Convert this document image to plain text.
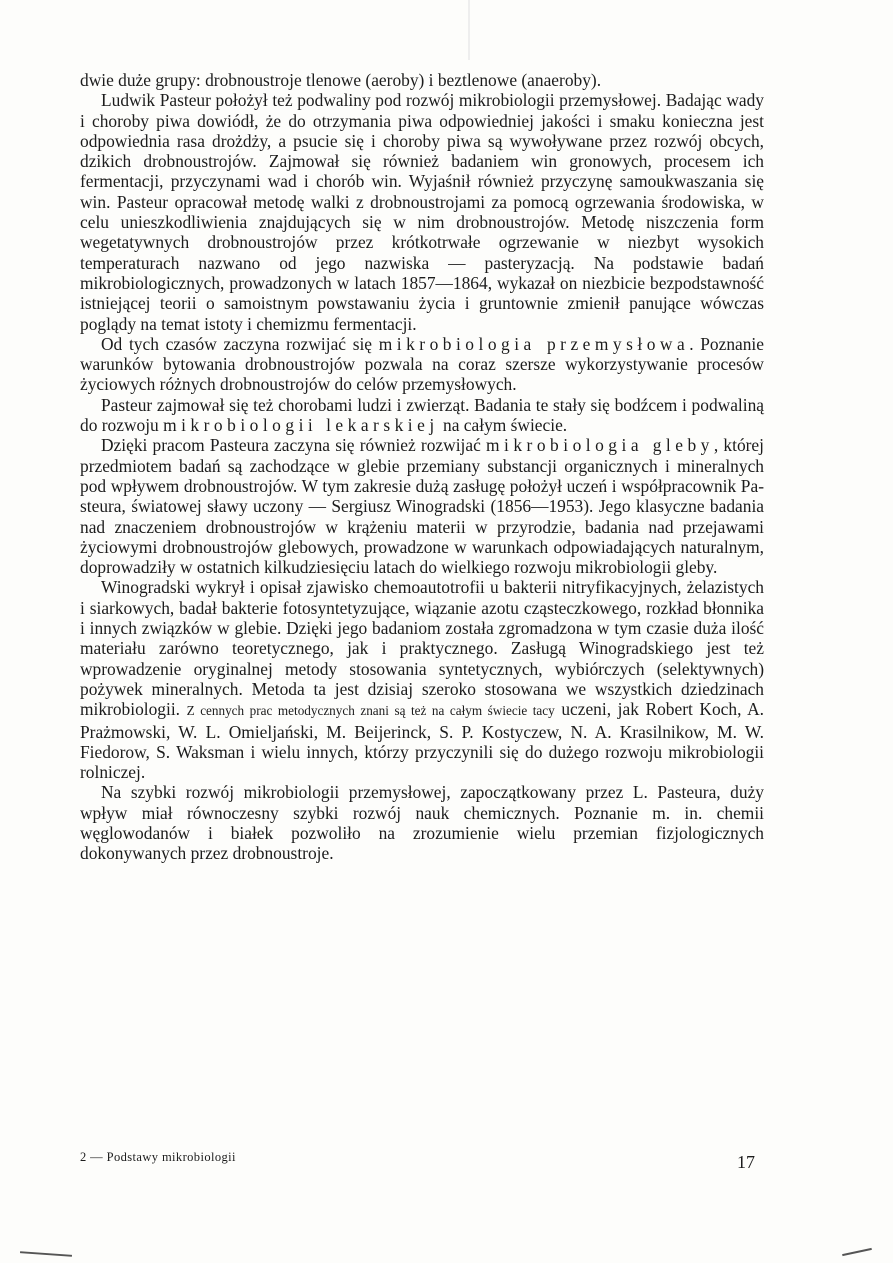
dwie duże grupy: drobnoustroje tlenowe (aeroby) i beztlenowe (anaeroby).

Ludwik Pasteur położył też podwaliny pod rozwój mikrobiologii przemysłowej. Badając wady i choroby piwa dowiódł, że do otrzymania piwa odpowiedniej jakości i smaku konieczna jest odpowiednia rasa drożdży, a psucie się i choroby piwa są wywoływane przez rozwój obcych, dzikich drobnoustrojów. Zajmował się również badaniem win gronowych, procesem ich fermentacji, przyczynami wad i chorób win. Wyjaśnił również przyczynę samoukwaszania się win. Pasteur opracował metodę walki z drobnoustrojami za pomocą ogrzewania środowiska, w celu unieszkodliwienia znajdujących się w nim drobnoustrojów. Metodę niszczenia form wegetatywnych drobnoustrojów przez krótkotrwałe ogrzewanie w niezbyt wysokich temperaturach nazwano od jego nazwiska — pasteryzacją. Na podstawie badań mikrobiologicznych, prowadzonych w latach 1857—1864, wykazał on niezbicie bezpodstawność istniejącej teorii o samoistnym powstawaniu życia i gruntownie zmienił panujące wówczas poglądy na temat istoty i chemizmu fermentacji.

Od tych czasów zaczyna rozwijać się mikrobiologia przemysłowa. Poznanie warunków bytowania drobnoustrojów pozwala na coraz szersze wykorzystywanie procesów życiowych różnych drobnoustrojów do celów przemysłowych.

Pasteur zajmował się też chorobami ludzi i zwierząt. Badania te stały się bodźcem i podwaliną do rozwoju mikrobiologii lekarskiej na całym świecie.

Dzięki pracom Pasteura zaczyna się również rozwijać mikrobiologia gleby, której przedmiotem badań są zachodzące w glebie przemiany substancji organicznych i mineralnych pod wpływem drobnoustrojów. W tym zakresie dużą zasługę położył uczeń i współpracownik Pasteura, światowej sławy uczony — Sergiusz Winogradski (1856—1953). Jego klasyczne badania nad znaczeniem drobnoustrojów w krążeniu materii w przyrodzie, badania nad przejawami życiowymi drobnoustrojów glebowych, prowadzone w warunkach odpowiadających naturalnym, doprowadziły w ostatnich kilkudziesięciu latach do wielkiego rozwoju mikrobiologii gleby.

Winogradski wykrył i opisał zjawisko chemoautotrofii u bakterii nitryfikacyjnych, żelazistych i siarkowych, badał bakterie fotosyntetyzujące, wiązanie azotu cząsteczkowego, rozkład błonnika i innych związków w glebie. Dzięki jego badaniom została zgromadzona w tym czasie duża ilość materiału zarówno teoretycznego, jak i praktycznego. Zasługą Winogradskiego jest też wprowadzenie oryginalnej metody stosowania syntetycznych, wybiórczych (selektywnych) pożywek mineralnych. Metoda ta jest dzisiaj szeroko stosowana we wszystkich dziedzinach mikrobiologii. Z cennych prac metodycznych znani są też na całym świecie tacy uczeni, jak Robert Koch, A. Prażmowski, W. L. Omieljański, M. Beijerinck, S. P. Kostyczew, N. A. Krasilnikow, M. W. Fiedorow, S. Waksman i wielu innych, którzy przyczynili się do dużego rozwoju mikrobiologii rolniczej.

Na szybki rozwój mikrobiologii przemysłowej, zapoczątkowany przez L. Pasteura, duży wpływ miał równoczesny szybki rozwój nauk chemicznych. Poznanie m. in. chemii węglowodanów i białek pozwoliło na zrozumienie wielu przemian fizjologicznych dokonywanych przez drobnoustroje.

2 — Podstawy mikrobiologii	17
